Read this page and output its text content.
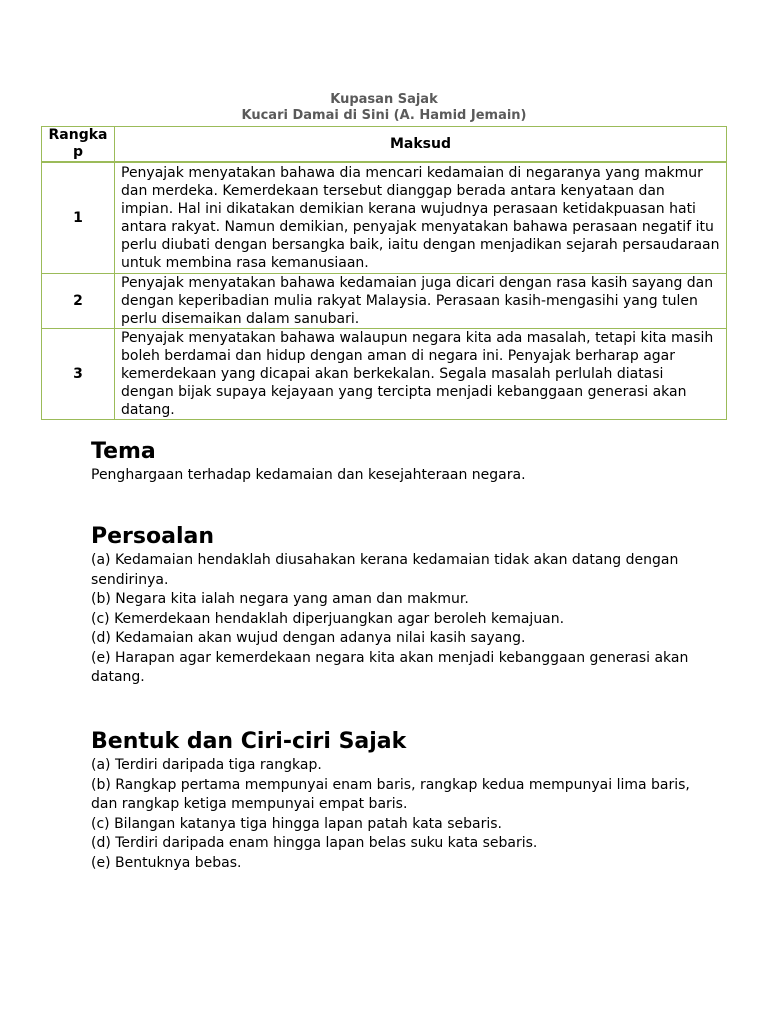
Kupasan Sajak
Kucari Damai di Sini (A. Hamid Jemain)
Rangkap	Maksud
1	Penyajak menyatakan bahawa dia mencari kedamaian di negaranya yang makmur dan merdeka. Kemerdekaan tersebut dianggap berada antara kenyataan dan impian. Hal ini dikatakan demikian kerana wujudnya perasaan ketidakpuasan hati antara rakyat. Namun demikian, penyajak menyatakan bahawa perasaan negatif itu perlu diubati dengan bersangka baik, iaitu dengan menjadikan sejarah persaudaraan untuk membina rasa kemanusiaan.
2	Penyajak menyatakan bahawa kedamaian juga dicari dengan rasa kasih sayang dan dengan keperibadian mulia rakyat Malaysia. Perasaan kasih-mengasihi yang tulen perlu disemaikan dalam sanubari.
3	Penyajak menyatakan bahawa walaupun negara kita ada masalah, tetapi kita masih boleh berdamai dan hidup dengan aman di negara ini. Penyajak berharap agar kemerdekaan yang dicapai akan berkekalan. Segala masalah perlulah diatasi dengan bijak supaya kejayaan yang tercipta menjadi kebanggaan generasi akan datang.
Tema

Penghargaan terhadap kedamaian dan kesejahteraan negara.

Persoalan

(a) Kedamaian hendaklah diusahakan kerana kedamaian tidak akan datang dengan sendirinya.

(b) Negara kita ialah negara yang aman dan makmur.

(c) Kemerdekaan hendaklah diperjuangkan agar beroleh kemajuan.

(d) Kedamaian akan wujud dengan adanya nilai kasih sayang.

(e) Harapan agar kemerdekaan negara kita akan menjadi kebanggaan generasi akan datang.

Bentuk dan Ciri-ciri Sajak

(a) Terdiri daripada tiga rangkap.

(b) Rangkap pertama mempunyai enam baris, rangkap kedua mempunyai lima baris, dan rangkap ketiga mempunyai empat baris.

(c) Bilangan katanya tiga hingga lapan patah kata sebaris.

(d) Terdiri daripada enam hingga lapan belas suku kata sebaris.

(e) Bentuknya bebas.
